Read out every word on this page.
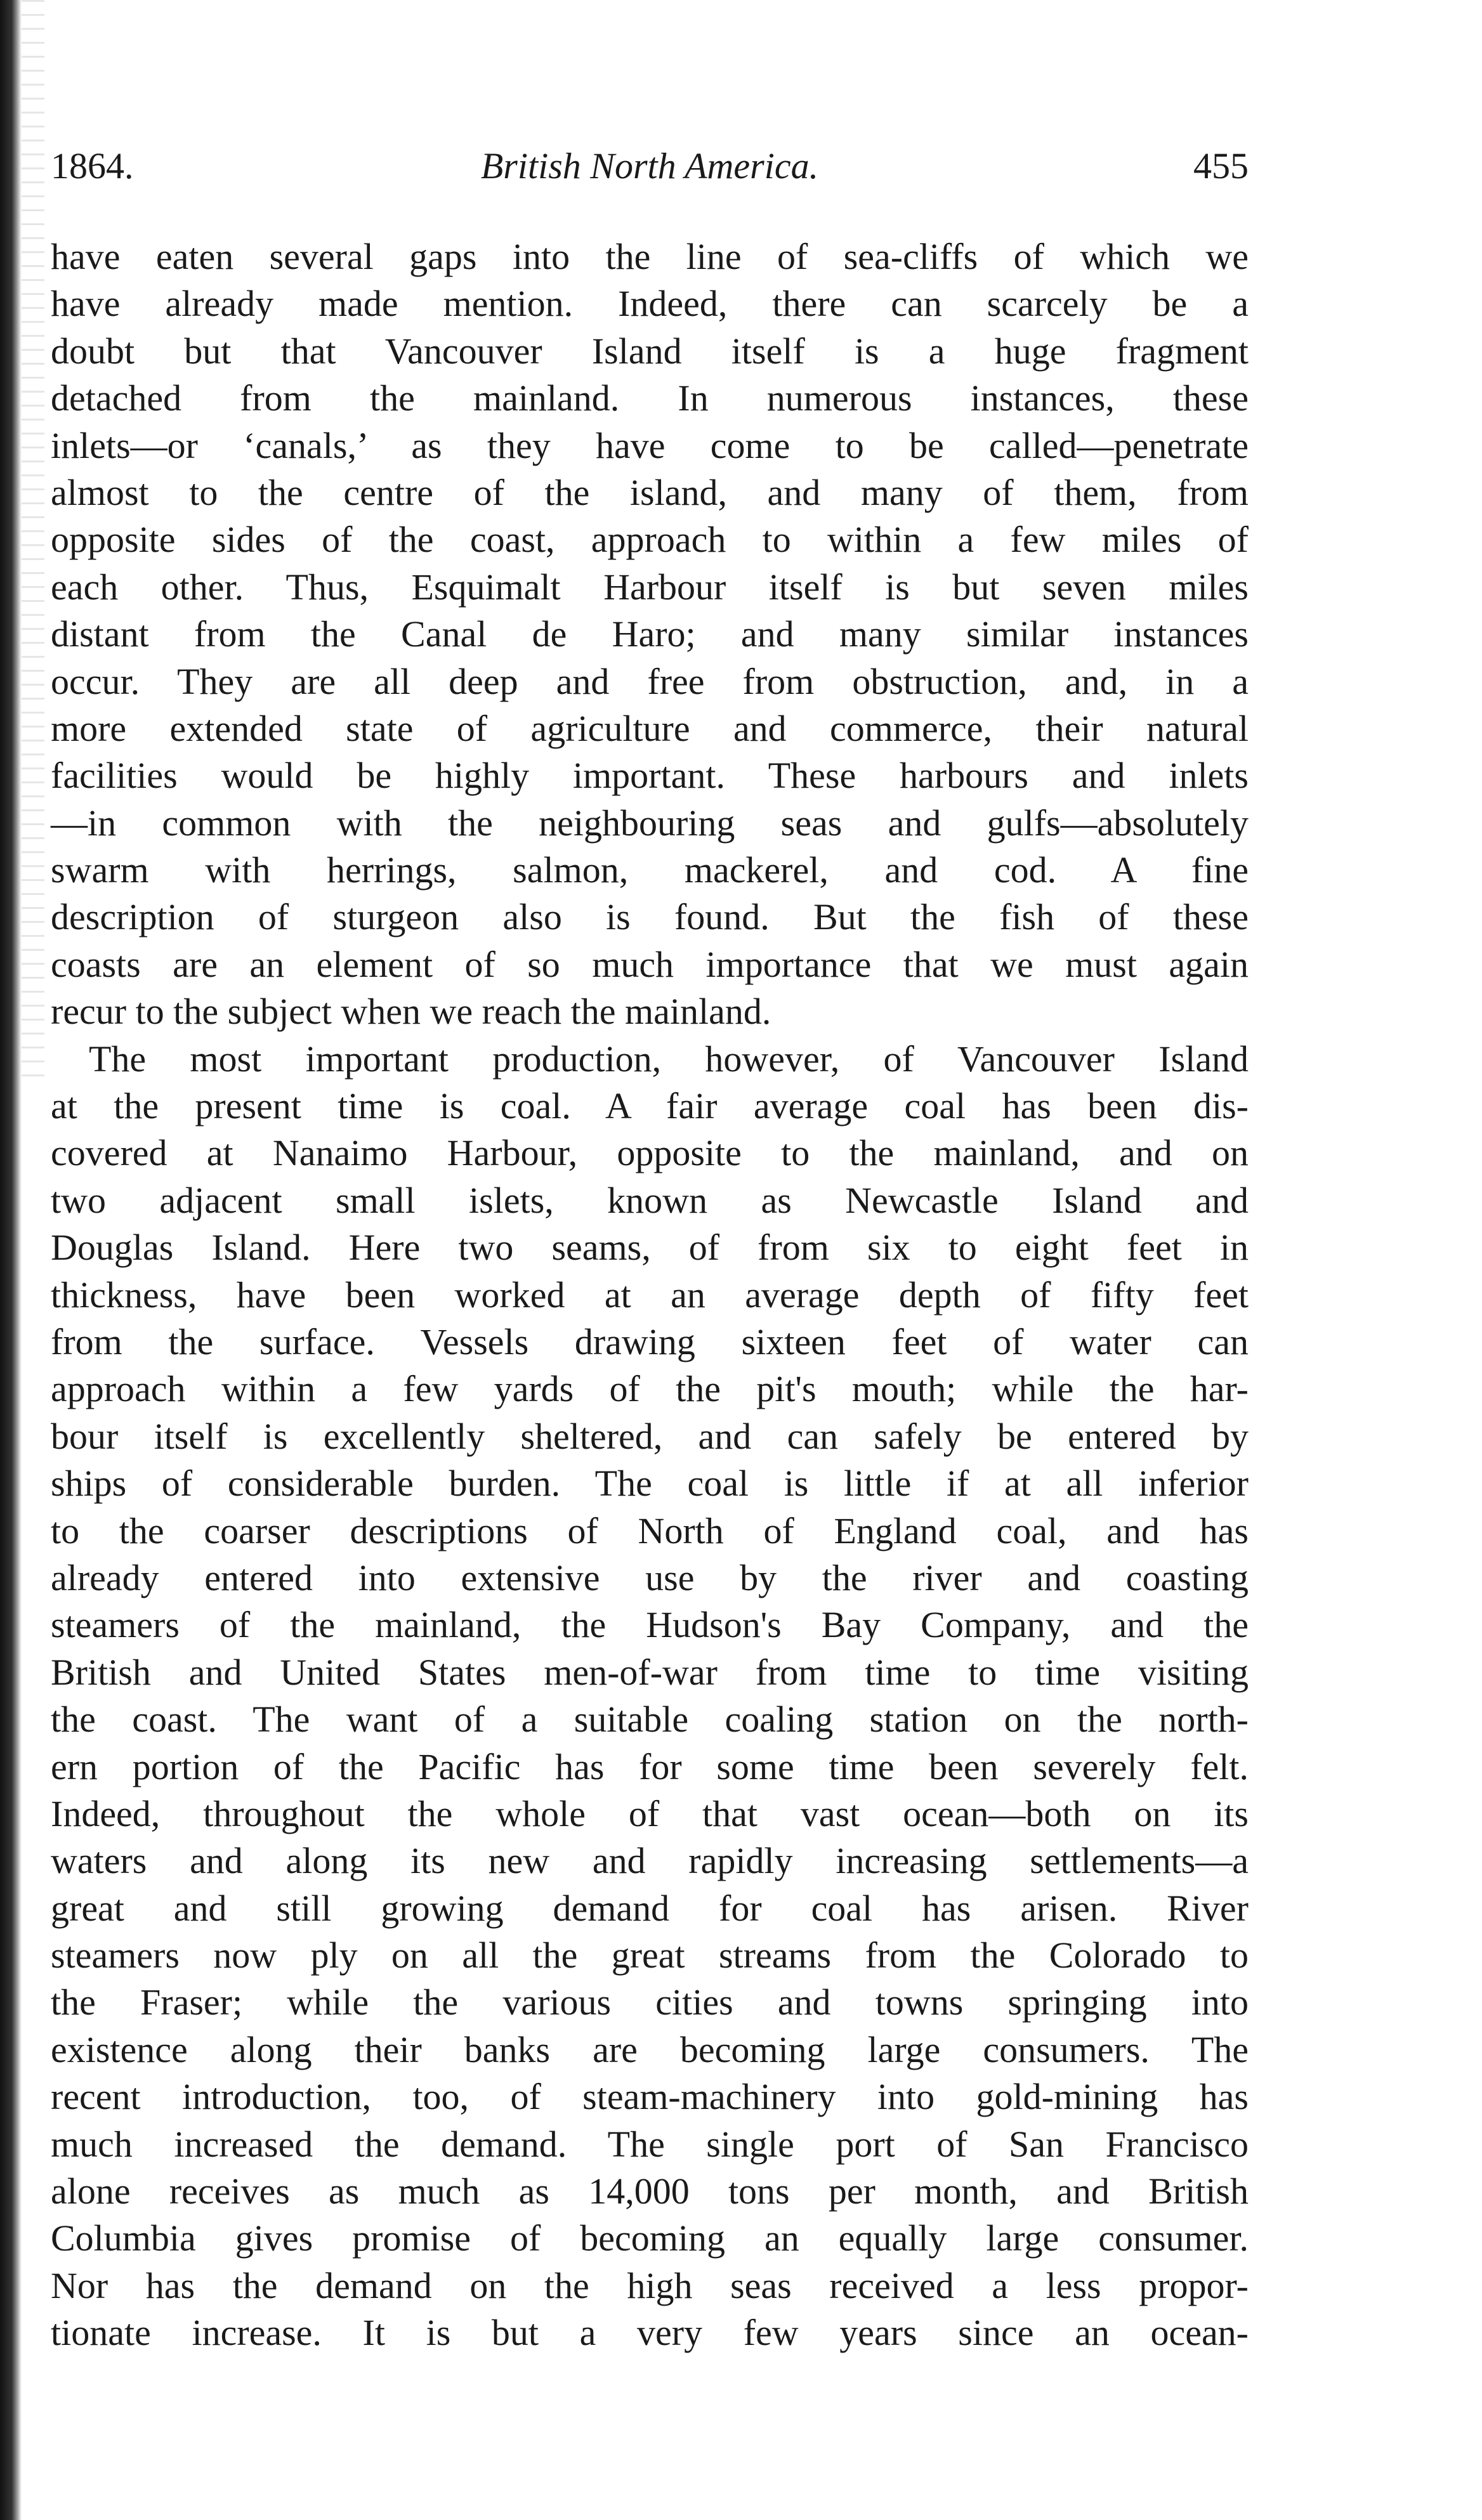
1864.	British North America.	455
have eaten several gaps into the line of sea-cliffs of which we
have already made mention. Indeed, there can scarcely be a
doubt but that Vancouver Island itself is a huge fragment
detached from the mainland. In numerous instances, these
inlets—or ‘canals,’ as they have come to be called—penetrate
almost to the centre of the island, and many of them, from
opposite sides of the coast, approach to within a few miles of
each other. Thus, Esquimalt Harbour itself is but seven miles
distant from the Canal de Haro; and many similar instances
occur. They are all deep and free from obstruction, and, in a
more extended state of agriculture and commerce, their natural
facilities would be highly important. These harbours and inlets
—in common with the neighbouring seas and gulfs—absolutely
swarm with herrings, salmon, mackerel, and cod. A fine
description of sturgeon also is found. But the fish of these
coasts are an element of so much importance that we must again
recur to the subject when we reach the mainland.
The most important production, however, of Vancouver Island
at the present time is coal. A fair average coal has been dis-
covered at Nanaimo Harbour, opposite to the mainland, and on
two adjacent small islets, known as Newcastle Island and
Douglas Island. Here two seams, of from six to eight feet in
thickness, have been worked at an average depth of fifty feet
from the surface. Vessels drawing sixteen feet of water can
approach within a few yards of the pit's mouth; while the har-
bour itself is excellently sheltered, and can safely be entered by
ships of considerable burden. The coal is little if at all inferior
to the coarser descriptions of North of England coal, and has
already entered into extensive use by the river and coasting
steamers of the mainland, the Hudson's Bay Company, and the
British and United States men-of-war from time to time visiting
the coast. The want of a suitable coaling station on the north-
ern portion of the Pacific has for some time been severely felt.
Indeed, throughout the whole of that vast ocean—both on its
waters and along its new and rapidly increasing settlements—a
great and still growing demand for coal has arisen. River
steamers now ply on all the great streams from the Colorado to
the Fraser; while the various cities and towns springing into
existence along their banks are becoming large consumers. The
recent introduction, too, of steam-machinery into gold-mining has
much increased the demand. The single port of San Francisco
alone receives as much as 14,000 tons per month, and British
Columbia gives promise of becoming an equally large consumer.
Nor has the demand on the high seas received a less propor-
tionate increase. It is but a very few years since an ocean-
